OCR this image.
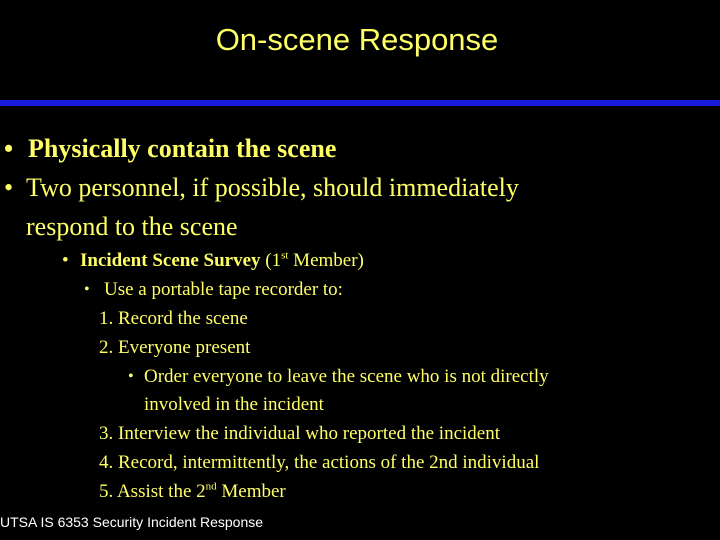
On-scene Response
• Physically contain the scene
• Two personnel, if possible, should immediately
respond to the scene
• Incident Scene Survey (1st Member)
• Use a portable tape recorder to:
1. Record the scene
2. Everyone present
• Order everyone to leave the scene who is not directly
involved in the incident
3. Interview the individual who reported the incident
4. Record, intermittently, the actions of the 2nd individual
5. Assist the 2nd Member
UTSA IS 6353 Security Incident Response
